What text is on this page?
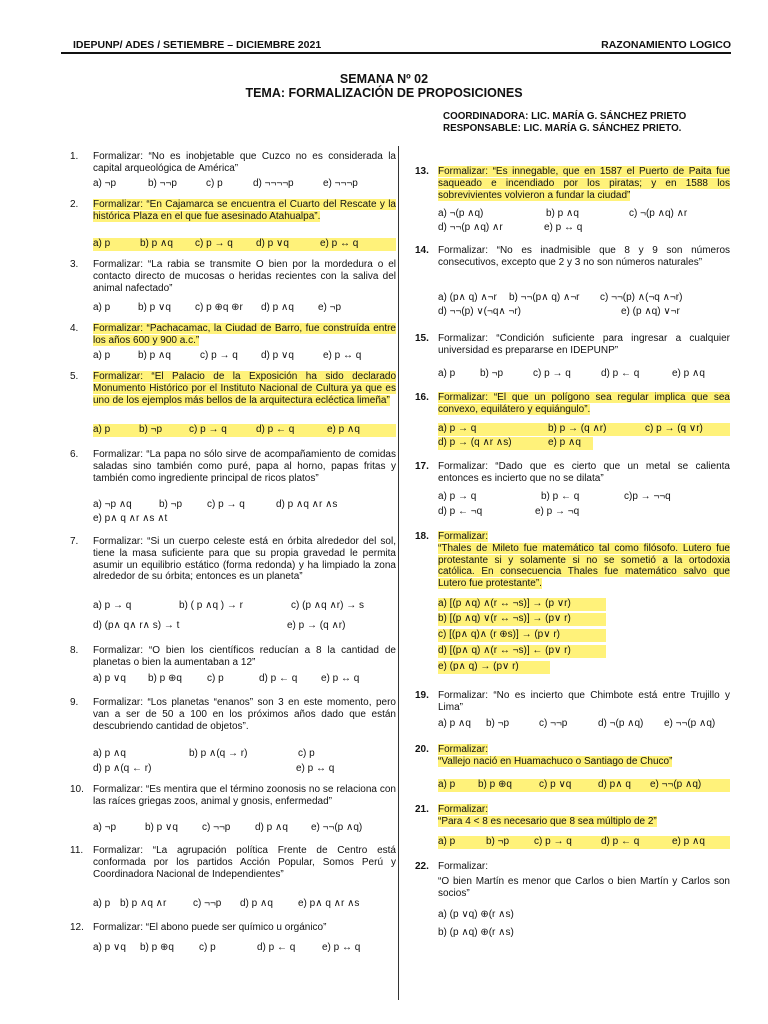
IDEPUNP/ ADES / SETIEMBRE – DICIEMBRE 2021	RAZONAMIENTO LOGICO
SEMANA Nº 02
TEMA: FORMALIZACIÓN DE PROPOSICIONES
COORDINADORA: LIC. MARÍA G. SÁNCHEZ PRIETO
RESPONSABLE: LIC. MARÍA G. SÁNCHEZ PRIETO.
1. Formalizar: “No es inobjetable que Cuzco no es considerada la capital arqueológica de América”
a) ¬p	b) ¬¬p	c) p	d) ¬¬¬¬p	e) ¬¬¬p
2. Formalizar: “En Cajamarca se encuentra el Cuarto del Rescate y la histórica Plaza en el que fue asesinado Atahualpa”.
a) p	b) p ∧q c) p → q d) p ∨q	e) p ↔ q
3. Formalizar: “La rabia se transmite O bien por la mordedura o el contacto directo de mucosas o heridas recientes con la saliva del animal nafectado”
a) p	b) p ∨q c) p ⊕q ⊕r d) p ∧q e) ¬p
4. Formalizar: “Pachacamac, la Ciudad de Barro, fue construída entre los años 600 y 900 a.c.”
a) p	b) p ∧q	c) p → q d) p ∨q	e) p ↔ q
5. Formalizar: “El Palacio de la Exposición ha sido declarado Monumento Histórico por el Instituto Nacional de Cultura ya que es uno de los ejemplos más bellos de la arquitectura ecléctica limeña”
a) p	b) ¬p	c) p → q	d) p ← q	e) p ∧q
6. Formalizar: “La papa no sólo sirve de acompañamiento de comidas saladas sino también como puré, papa al horno, papas fritas y también como ingrediente principal de ricos platos”
a) ¬p ∧q	b) ¬p c) p → q	d) p ∧q ∧r ∧s
e) p∧ q ∧r ∧s ∧t
7. Formalizar: “Si un cuerpo celeste está en órbita alrededor del sol, tiene la masa suficiente para que su propia gravedad le permita asumir un equilibrio estático (forma redonda) y ha limpiado la zona alrededor de su órbita; entonces es un planeta”
a) p → q	b) ( p ∧q ) → r	c) (p ∧q ∧r) → s
d) (p∧ q∧ r∧ s) → t	e) p → (q ∧r)
8. Formalizar: “O bien los científicos reducían a 8 la cantidad de planetas o bien la aumentaban a 12”
a) p ∨q b) p ⊕q	c) p	d) p ← q e) p ↔ q
9. Formalizar: “Los planetas “enanos” son 3 en este momento, pero van a ser de 50 a 100 en los próximos años dado que están descubriendo cantidad de objetos”.
a) p ∧q	b) p ∧(q → r)	c) p
d) p ∧(q ← r)	e) p ↔ q
10. Formalizar: “Es mentira que el término zoonosis no se relaciona con las raíces griegas zoos, animal y gnosis, enfermedad”
a) ¬p	b) p ∨q c) ¬¬p d) p ∧q e) ¬¬(p ∧q)
11. Formalizar: “La agrupación política Frente de Centro está conformada por los partidos Acción Popular, Somos Perú y Coordinadora Nacional de Independientes”
a) p b) p ∧q ∧r	c) ¬¬p d) p ∧q	e) p∧ q ∧r ∧s
12. Formalizar: “El abono puede ser químico u orgánico”
a) p ∨q b) p ⊕q	c) p	d) p ← q	e) p ↔ q
13. Formalizar: “Es innegable, que en 1587 el Puerto de Paita fue saqueado e incendiado por los piratas; y en 1588 los sobrevivientes volvieron a fundar la ciudad”
a) ¬(p ∧q)	b) p ∧q	c) ¬(p ∧q) ∧r
d) ¬¬(p ∧q) ∧r	e) p ↔ q
14. Formalizar: “No es inadmisible que 8 y 9 son números consecutivos, excepto que 2 y 3 no son números naturales”
a) (p∧ q) ∧¬r b) ¬¬(p∧ q) ∧¬r c) ¬¬(p) ∧(¬q ∧¬r)
d) ¬¬(p) ∨(¬q∧ ¬r)	e) (p ∧q) ∨¬r
15. Formalizar: “Condición suficiente para ingresar a cualquier universidad es prepararse en IDEPUNP”
a) p b) ¬p	c) p → q	d) p ← q	e) p ∧q
16. Formalizar: “El que un polígono sea regular implica que sea convexo, equilátero y equiángulo”.
a) p → q	b) p → (q ∧r)	c) p → (q ∨r)
d) p → (q ∧r ∧s)	e) p ∧q
17. Formalizar: “Dado que es cierto que un metal se calienta entonces es incierto que no se dilata”
a) p → q	b) p ← q	c)p → ¬¬q
d) p ← ¬q	e) p → ¬q
18. Formalizar:
“Thales de Mileto fue matemático tal como filósofo. Lutero fue protestante si y solamente si no se sometió a la ortodoxia católica. En consecuencia Thales fue matemático salvo que Lutero fue protestante”.
a) [(p ∧q) ∧(r ↔ ¬s)] → (p ∨r)
b) [(p ∧q) ∨(r ↔ ¬s)] → (p∨ r)
c) [(p∧ q)∧ (r ⊕s)] → (p∨ r)
d) [(p∧ q) ∧(r ↔ ¬s)] ← (p∨ r)
e) (p∧ q) → (p∨ r)
19. Formalizar: “No es incierto que Chimbote está entre Trujillo y Lima”
a) p ∧q b) ¬p	c) ¬¬p	d) ¬(p ∧q) e) ¬¬(p ∧q)
20. Formalizar:
“Vallejo nació en Huamachuco o Santiago de Chuco”
a) p b) p ⊕q	c) p ∨q	d) p∧ q e) ¬¬(p ∧q)
21. Formalizar:
“Para 4 < 8 es necesario que 8 sea múltiplo de 2”
a) p	b) ¬p c) p → q	d) p ← q	e) p ∧q
22. Formalizar:
“O bien Martín es menor que Carlos o bien Martín y Carlos son socios”
a) (p ∨q) ⊕(r ∧s)
b) (p ∧q) ⊕(r ∧s)
